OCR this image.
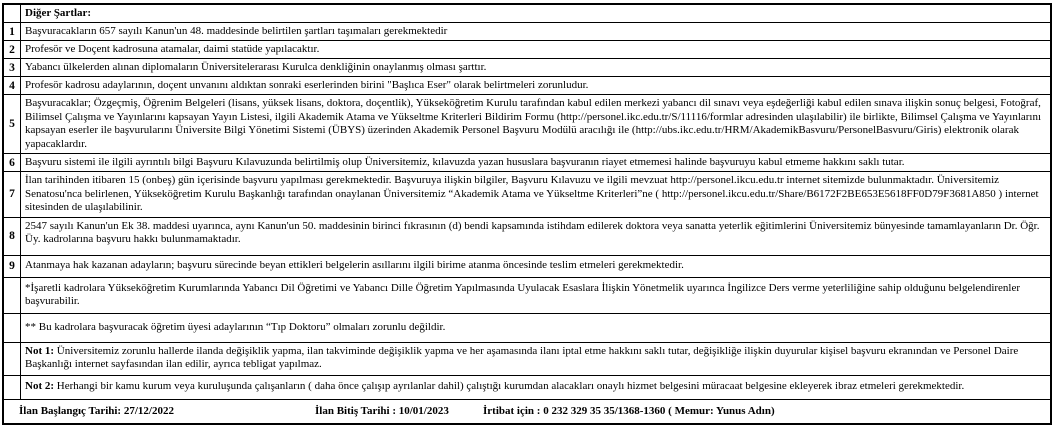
Diğer Şartlar:
1 Başvuracakların 657 sayılı Kanun'un 48. maddesinde belirtilen şartları taşımaları gerekmektedir
2 Profesör ve Doçent kadrosuna atamalar, daimi statüde yapılacaktır.
3 Yabancı ülkelerden alınan diplomaların Üniversitelerarası Kurulca denkliğinin onaylanmış olması şarttır.
4 Profesör kadrosu adaylarının, doçent unvanını aldıktan sonraki eserlerinden birini "Başlıca Eser" olarak belirtmeleri zorunludur.
5
Başvuracaklar; Özgeçmiş, Öğrenim Belgeleri (lisans, yüksek lisans, doktora, doçentlik), Yükseköğretim Kurulu tarafından kabul edilen merkezi yabancı dil sınavı veya eşdeğerliği kabul edilen sınava ilişkin sonuç belgesi, Fotoğraf, Bilimsel Çalışma ve Yayınlarını kapsayan Yayın Listesi, ilgili Akademik Atama ve Yükseltme Kriterleri Bildirim Formu (http://personel.ikc.edu.tr/S/11116/formlar adresinden ulaşılabilir) ile birlikte, Bilimsel Çalışma ve Yayınlarını kapsayan eserler ile başvurularını Üniversite Bilgi Yönetimi Sistemi (ÜBYS) üzerinden Akademik Personel Başvuru Modülü aracılığı ile (http://ubs.ikc.edu.tr/HRM/AkademikBasvuru/PersonelBasvuru/Giris) elektronik olarak yapacaklardır.
6 Başvuru sistemi ile ilgili ayrıntılı bilgi Başvuru Kılavuzunda belirtilmiş olup Üniversitemiz, kılavuzda yazan hususlara başvuranın riayet etmemesi halinde başvuruyu kabul etmeme hakkını saklı tutar.
7
İlan tarihinden itibaren 15 (onbeş) gün içerisinde başvuru yapılması gerekmektedir. Başvuruya ilişkin bilgiler, Başvuru Kılavuzu ve ilgili mevzuat http://personel.ikcu.edu.tr internet sitemizde bulunmaktadır. Üniversitemiz Senatosu'nca belirlenen, Yükseköğretim Kurulu Başkanlığı tarafından onaylanan Üniversitemiz “Akademik Atama ve Yükseltme Kriterleri”ne ( http://personel.ikcu.edu.tr/Share/B6172F2BE653E5618FF0D79F3681A850 ) internet sitesinden de ulaşılabilinir.
8
2547 sayılı Kanun'un Ek 38. maddesi uyarınca, aynı Kanun'un 50. maddesinin birinci fıkrasının (d) bendi kapsamında istihdam edilerek doktora veya sanatta yeterlik eğitimlerini Üniversitemiz bünyesinde tamamlayanların Dr. Öğr. Üy. kadrolarına başvuru hakkı bulunmamaktadır.
9 Atanmaya hak kazanan adayların; başvuru sürecinde beyan ettikleri belgelerin asıllarını ilgili birime atanma öncesinde teslim etmeleri gerekmektedir.
*İşaretli kadrolara Yükseköğretim Kurumlarında Yabancı Dil Öğretimi ve Yabancı Dille Öğretim Yapılmasında Uyulacak Esaslara İlişkin Yönetmelik uyarınca İngilizce Ders verme yeterliliğine sahip olduğunu belgelendirenler başvurabilir.
** Bu kadrolara başvuracak öğretim üyesi adaylarının “Tıp Doktoru” olmaları zorunlu değildir.
Not 1: Üniversitemiz zorunlu hallerde ilanda değişiklik yapma, ilan takviminde değişiklik yapma ve her aşamasında ilanı iptal etme hakkını saklı tutar, değişikliğe ilişkin duyurular kişisel başvuru ekranından ve Personel Daire Başkanlığı internet sayfasından ilan edilir, ayrıca tebligat yapılmaz.
Not 2:
Herhangi bir kamu kurum veya kuruluşunda çalışanların ( daha önce çalışıp ayrılanlar dahil) çalıştığı kurumdan alacakları onaylı hizmet belgesini müracaat belgesine ekleyerek ibraz etmeleri gerekmektedir.
İlan Başlangıç Tarihi: 27/12/2022	İlan Bitiş Tarihi : 10/01/2023	İrtibat için : 0 232 329 35 35/1368-1360 ( Memur: Yunus Adın)
